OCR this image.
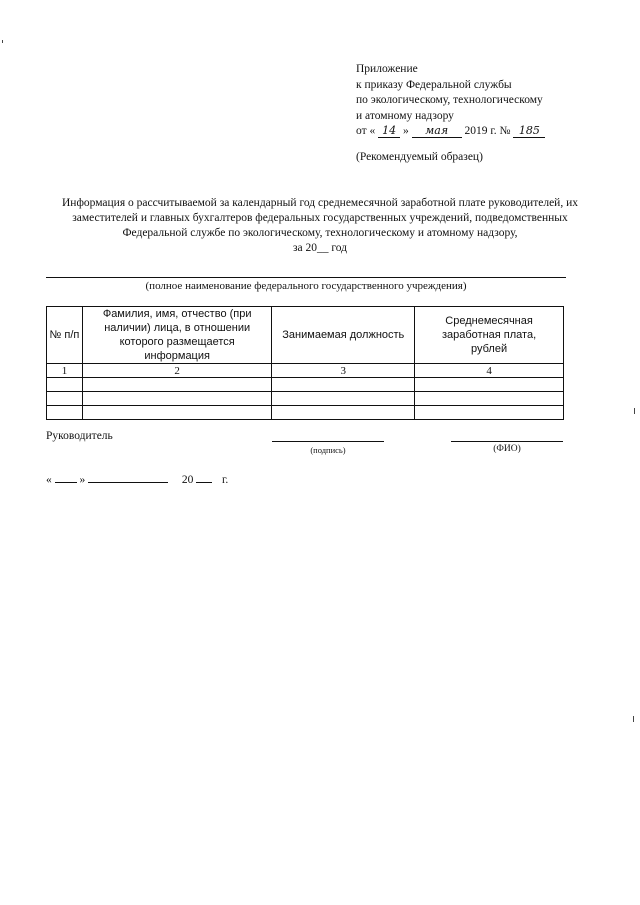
Приложение
к приказу Федеральной службы
по экологическому, технологическому
и атомному надзору
от « 14 » мая 2019 г. № 185
(Рекомендуемый образец)
Информация о рассчитываемой за календарный год среднемесячной заработной плате руководителей, их
заместителей и главных бухгалтеров федеральных государственных учреждений, подведомственных
Федеральной службе по экологическому, технологическому и атомному надзору,
за 20__ год
(полное наименование федерального государственного учреждения)
№ п/п	Фамилия, имя, отчество (при наличии) лица, в отношении которого размещается информация	Занимаемая должность	Среднемесячная заработная плата, рублей
1	2	3	4

Руководитель
(подпись)	(ФИО)
« »	20 г.
